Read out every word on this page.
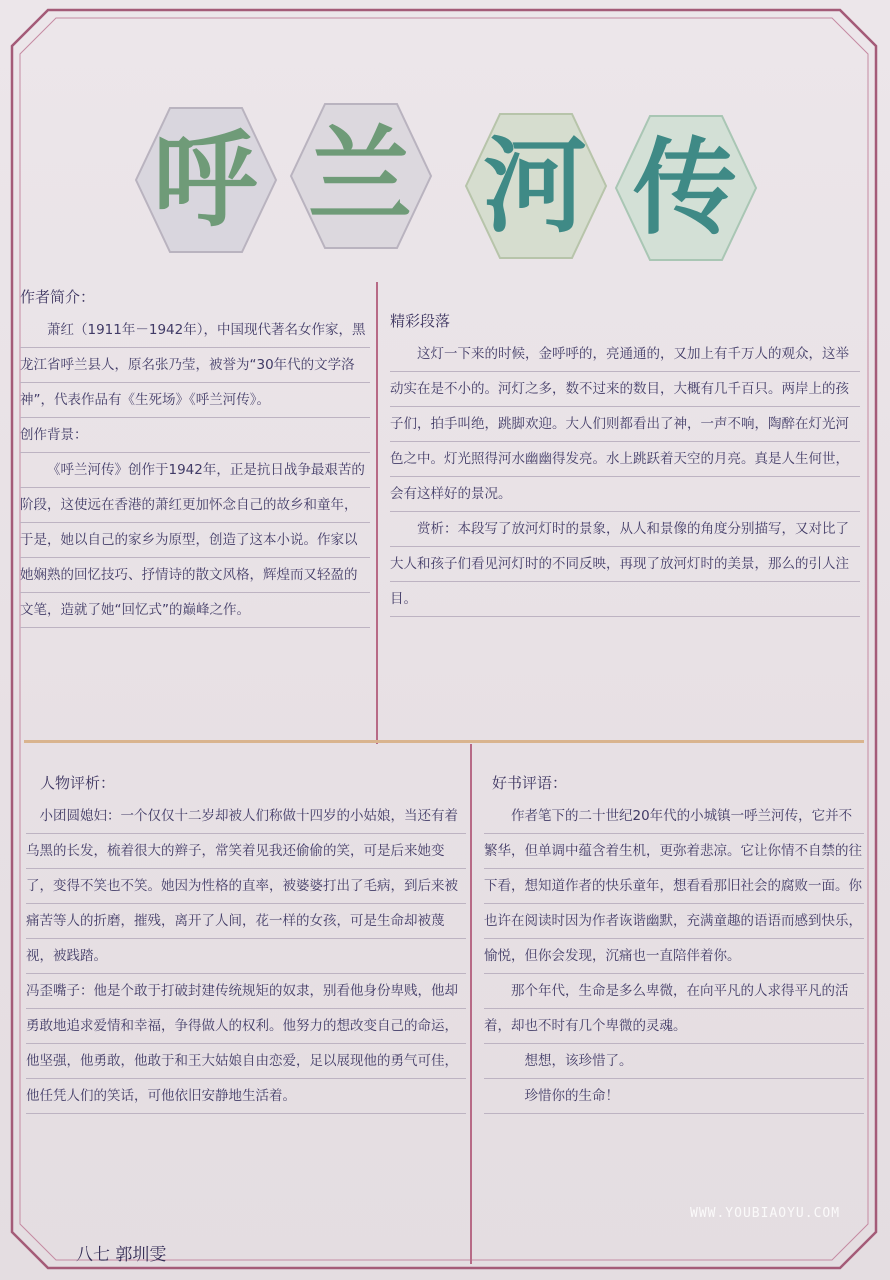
呼 兰 河 传
作者简介：

萧红（1911年－1942年），中国现代著名女作家，黑龙江省呼兰县人，原名张乃莹，被誉为“30年代的文学洛神”，代表作品有《生死场》《呼兰河传》。

创作背景：

《呼兰河传》创作于1942年，正是抗日战争最艰苦的阶段，这使远在香港的萧红更加怀念自己的故乡和童年，于是，她以自己的家乡为原型，创造了这本小说。作家以她娴熟的回忆技巧、抒情诗的散文风格，辉煌而又轻盈的文笔，造就了她“回忆式”的巅峰之作。

精彩段落

这灯一下来的时候，金呼呼的，亮通通的，又加上有千万人的观众，这举动实在是不小的。河灯之多，数不过来的数目，大概有几千百只。两岸上的孩子们，拍手叫绝，跳脚欢迎。大人们则都看出了神，一声不响，陶醉在灯光河色之中。灯光照得河水幽幽得发亮。水上跳跃着天空的月亮。真是人生何世，会有这样好的景况。

赏析：本段写了放河灯时的景象，从人和景像的角度分别描写，又对比了大人和孩子们看见河灯时的不同反映，再现了放河灯时的美景，那么的引人注目。

人物评析：

小团圆媳妇：一个仅仅十二岁却被人们称做十四岁的小姑娘，当还有着乌黑的长发，梳着很大的辫子，常笑着见我还偷偷的笑，可是后来她变了，变得不笑也不笑。她因为性格的直率，被婆婆打出了毛病，到后来被痛苦等人的折磨，摧残，离开了人间，花一样的女孩，可是生命却被蔑视，被践踏。

冯歪嘴子：他是个敢于打破封建传统规矩的奴隶，别看他身份卑贱，他却勇敢地追求爱情和幸福，争得做人的权利。他努力的想改变自己的命运，他坚强，他勇敢，他敢于和王大姑娘自由恋爱，足以展现他的勇气可佳，他任凭人们的笑话，可他依旧安静地生活着。

好书评语：

作者笔下的二十世纪20年代的小城镇一呼兰河传，它并不繁华，但单调中蕴含着生机，更弥着悲凉。它让你情不自禁的往下看，想知道作者的快乐童年，想看看那旧社会的腐败一面。你也许在阅读时因为作者诙谐幽默，充满童趣的语语而感到快乐，愉悦，但你会发现，沉痛也一直陪伴着你。

那个年代，生命是多么卑微，在向平凡的人求得平凡的活着，却也不时有几个卑微的灵魂。

想想，该珍惜了。

珍惜你的生命！

八七 郭圳雯
WWW.YOUBIAOYU.COM
